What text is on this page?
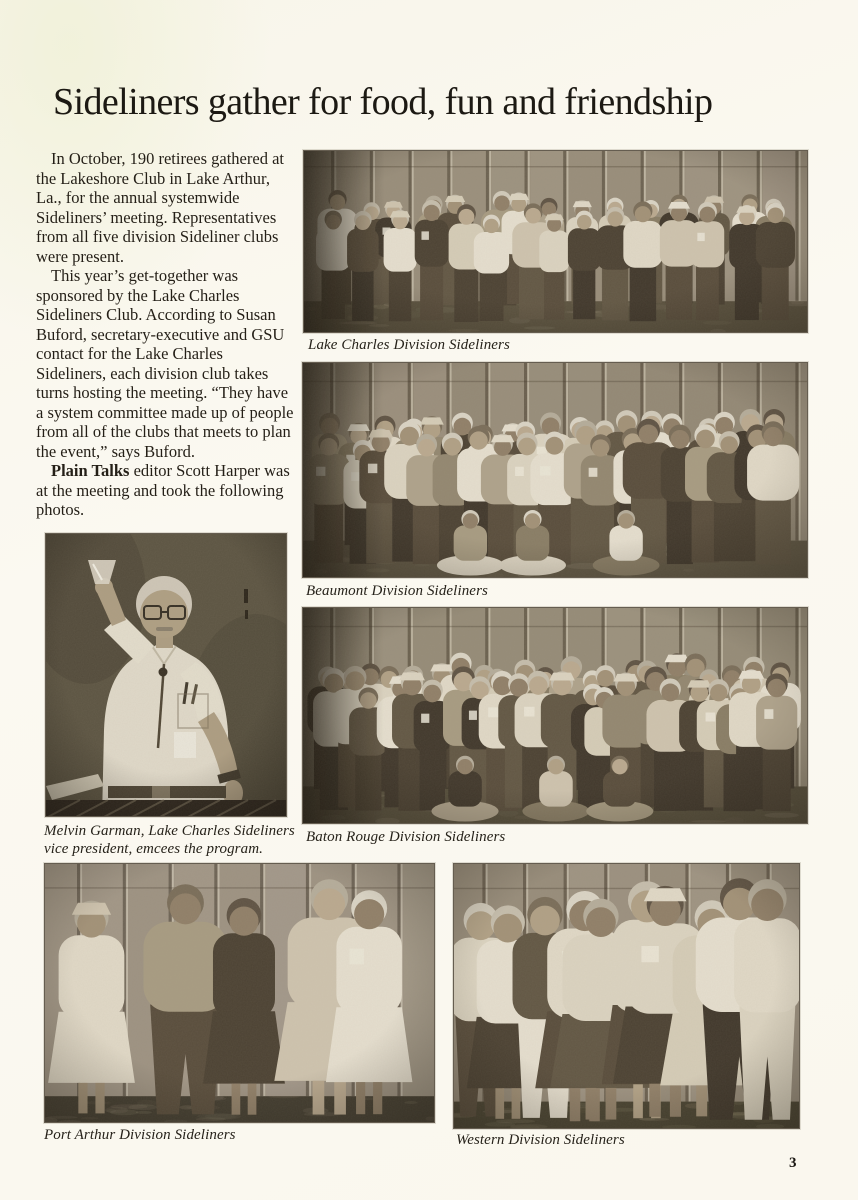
Sideliners gather for food, fun and friendship

In October, 190 retirees gathered at the Lakeshore Club in Lake Arthur, La., for the annual systemwide Sideliners’ meeting. Representatives from all five division Sideliner clubs were present.

This year’s get-together was sponsored by the Lake Charles Sideliners Club. According to Susan Buford, secretary-executive and GSU contact for the Lake Charles Sideliners, each division club takes turns hosting the meeting. “They have a system committee made up of people from all of the clubs that meets to plan the event,” says Buford.

Plain Talks editor Scott Harper was at the meeting and took the following photos.

Lake Charles Division Sideliners
Beaumont Division Sideliners
Melvin Garman, Lake Charles Sideliners vice president, emcees the program.
Baton Rouge Division Sideliners
Port Arthur Division Sideliners	Western Division Sideliners
3
